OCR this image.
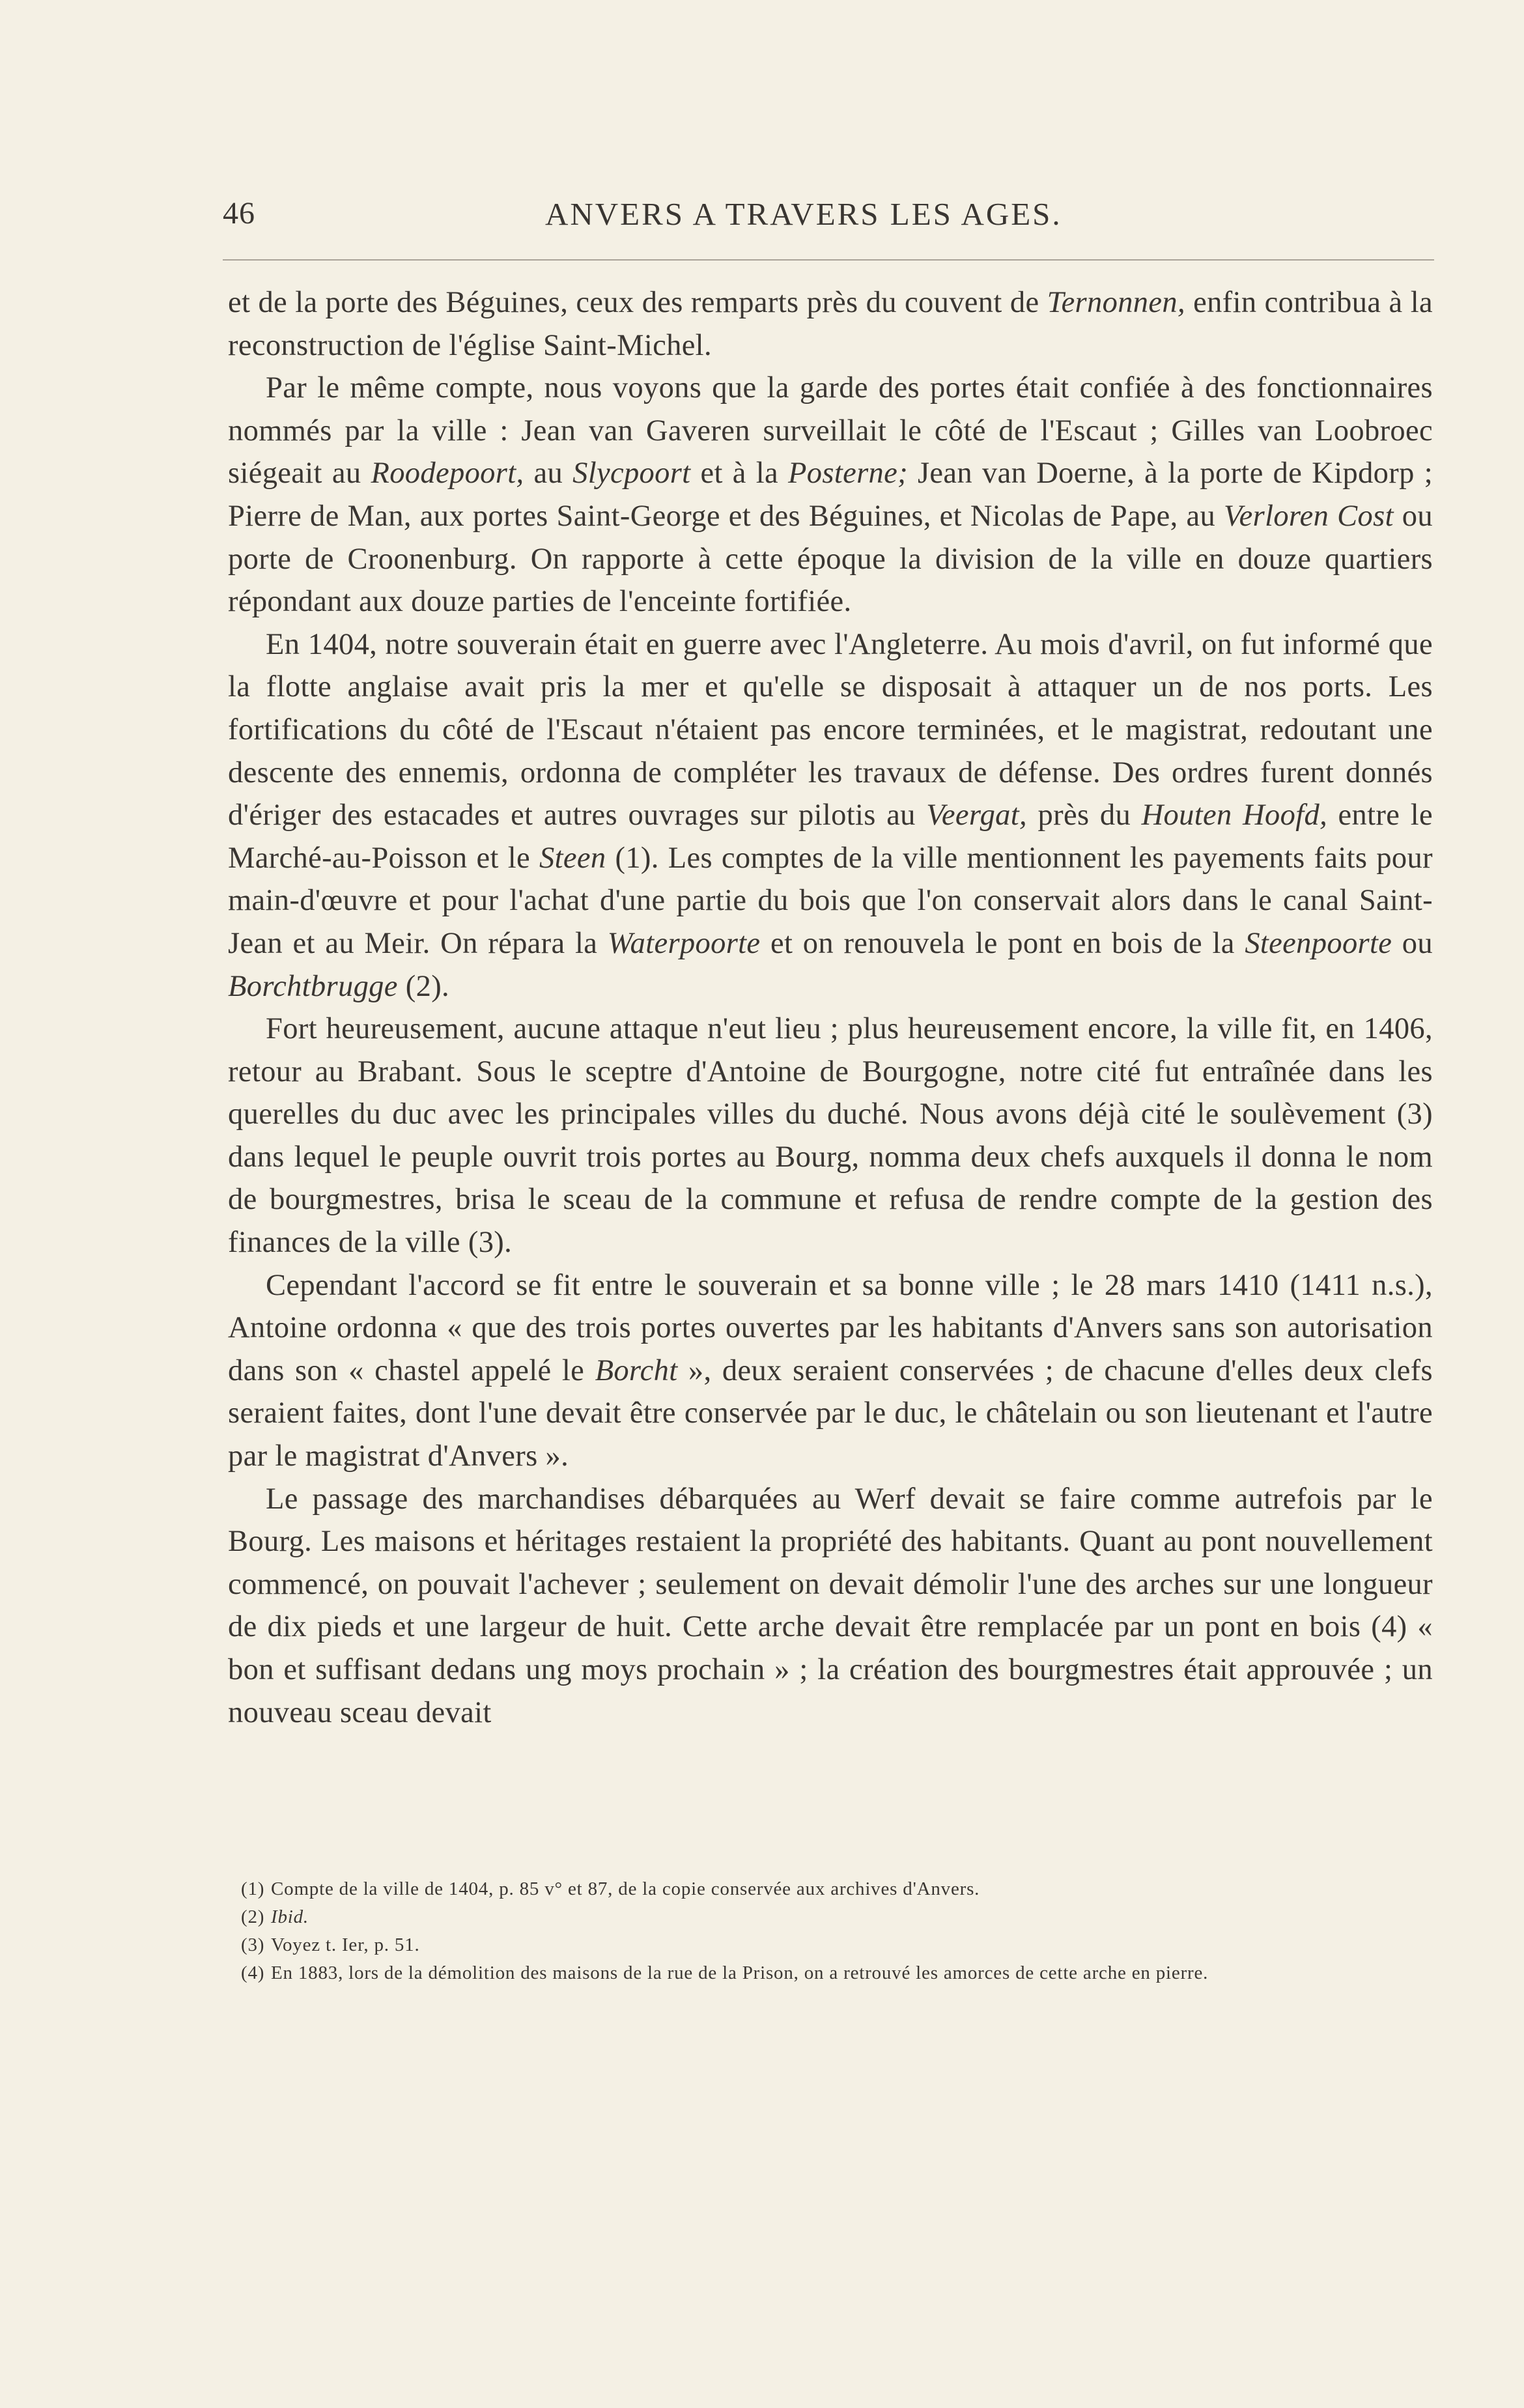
46	ANVERS A TRAVERS LES AGES.

et de la porte des Béguines, ceux des remparts près du couvent de Ternonnen, enfin contribua à la reconstruction de l'église Saint-Michel.

Par le même compte, nous voyons que la garde des portes était confiée à des fonctionnaires nommés par la ville : Jean van Gaveren surveillait le côté de l'Escaut ; Gilles van Loobroec siégeait au Roodepoort, au Slycpoort et à la Posterne; Jean van Doerne, à la porte de Kipdorp ; Pierre de Man, aux portes Saint-George et des Béguines, et Nicolas de Pape, au Verloren Cost ou porte de Croonenburg. On rapporte à cette époque la division de la ville en douze quartiers répondant aux douze parties de l'enceinte fortifiée.

En 1404, notre souverain était en guerre avec l'Angleterre. Au mois d'avril, on fut informé que la flotte anglaise avait pris la mer et qu'elle se disposait à attaquer un de nos ports. Les fortifications du côté de l'Escaut n'étaient pas encore terminées, et le magistrat, redoutant une descente des ennemis, ordonna de compléter les travaux de défense. Des ordres furent donnés d'ériger des estacades et autres ouvrages sur pilotis au Veergat, près du Houten Hoofd, entre le Marché-au-Poisson et le Steen (1). Les comptes de la ville mentionnent les payements faits pour main-d'œuvre et pour l'achat d'une partie du bois que l'on conservait alors dans le canal Saint-Jean et au Meir. On répara la Waterpoorte et on renouvela le pont en bois de la Steenpoorte ou Borchtbrugge (2).

Fort heureusement, aucune attaque n'eut lieu ; plus heureusement encore, la ville fit, en 1406, retour au Brabant. Sous le sceptre d'Antoine de Bourgogne, notre cité fut entraînée dans les querelles du duc avec les principales villes du duché. Nous avons déjà cité le soulèvement (3) dans lequel le peuple ouvrit trois portes au Bourg, nomma deux chefs auxquels il donna le nom de bourgmestres, brisa le sceau de la commune et refusa de rendre compte de la gestion des finances de la ville (3).

Cependant l'accord se fit entre le souverain et sa bonne ville ; le 28 mars 1410 (1411 n.s.), Antoine ordonna « que des trois portes ouvertes par les habitants d'Anvers sans son autorisation dans son « chastel appelé le Borcht », deux seraient conservées ; de chacune d'elles deux clefs seraient faites, dont l'une devait être conservée par le duc, le châtelain ou son lieutenant et l'autre par le magistrat d'Anvers ».

Le passage des marchandises débarquées au Werf devait se faire comme autrefois par le Bourg. Les maisons et héritages restaient la propriété des habitants. Quant au pont nouvellement commencé, on pouvait l'achever ; seulement on devait démolir l'une des arches sur une longueur de dix pieds et une largeur de huit. Cette arche devait être remplacée par un pont en bois (4) « bon et suffisant dedans ung moys prochain » ; la création des bourgmestres était approuvée ; un nouveau sceau devait

(1) Compte de la ville de 1404, p. 85 v° et 87, de la copie conservée aux archives d'Anvers.

(2) Ibid.

(3) Voyez t. Ier, p. 51.

(4) En 1883, lors de la démolition des maisons de la rue de la Prison, on a retrouvé les amorces de cette arche en pierre.
